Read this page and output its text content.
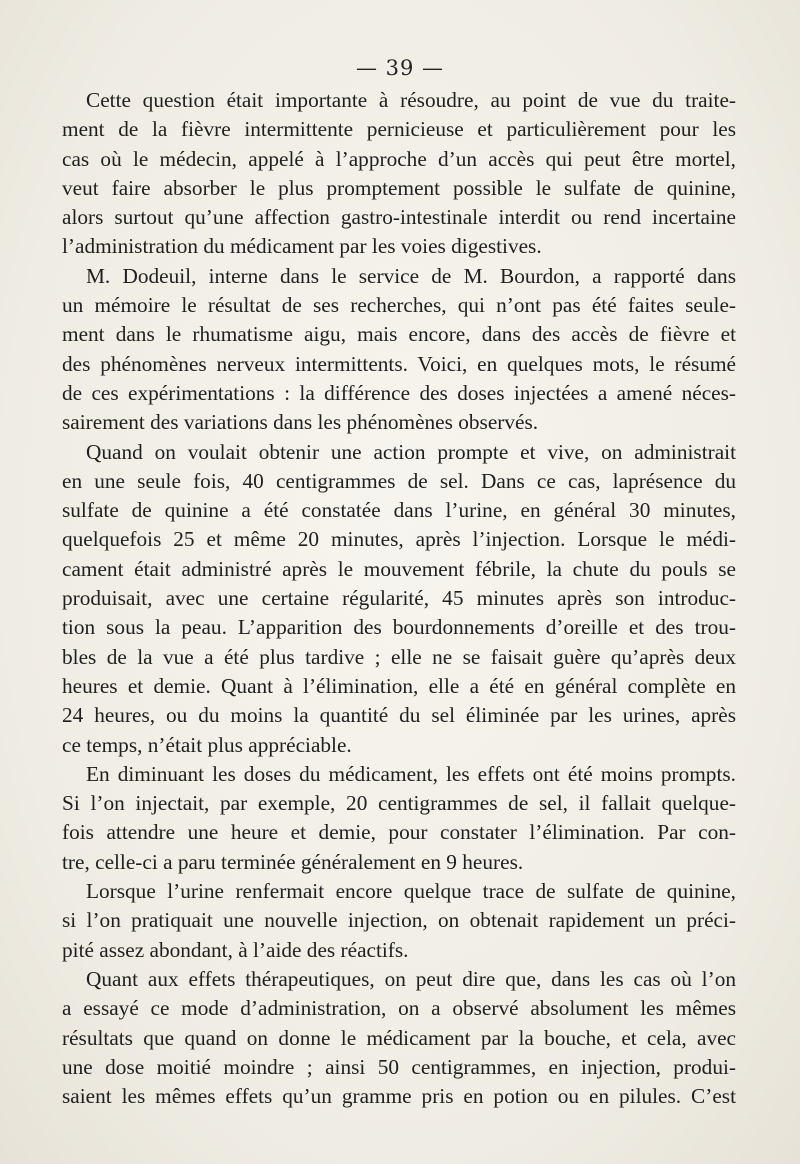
— 39 —
Cette question était importante à résoudre, au point de vue du traite-
ment de la fièvre intermittente pernicieuse et particulièrement pour les
cas où le médecin, appelé à l’approche d’un accès qui peut être mortel,
veut faire absorber le plus promptement possible le sulfate de quinine,
alors surtout qu’une affection gastro-intestinale interdit ou rend incertaine
l’administration du médicament par les voies digestives.
M. Dodeuil, interne dans le service de M. Bourdon, a rapporté dans
un mémoire le résultat de ses recherches, qui n’ont pas été faites seule-
ment dans le rhumatisme aigu, mais encore, dans des accès de fièvre et
des phénomènes nerveux intermittents. Voici, en quelques mots, le résumé
de ces expérimentations : la différence des doses injectées a amené néces-
sairement des variations dans les phénomènes observés.
Quand on voulait obtenir une action prompte et vive, on administrait
en une seule fois, 40 centigrammes de sel. Dans ce cas, laprésence du
sulfate de quinine a été constatée dans l’urine, en général 30 minutes,
quelquefois 25 et même 20 minutes, après l’injection. Lorsque le médi-
cament était administré après le mouvement fébrile, la chute du pouls se
produisait, avec une certaine régularité, 45 minutes après son introduc-
tion sous la peau. L’apparition des bourdonnements d’oreille et des trou-
bles de la vue a été plus tardive ; elle ne se faisait guère qu’après deux
heures et demie. Quant à l’élimination, elle a été en général complète en
24 heures, ou du moins la quantité du sel éliminée par les urines, après
ce temps, n’était plus appréciable.
En diminuant les doses du médicament, les effets ont été moins prompts.
Si l’on injectait, par exemple, 20 centigrammes de sel, il fallait quelque-
fois attendre une heure et demie, pour constater l’élimination. Par con-
tre, celle-ci a paru terminée généralement en 9 heures.
Lorsque l’urine renfermait encore quelque trace de sulfate de quinine,
si l’on pratiquait une nouvelle injection, on obtenait rapidement un préci-
pité assez abondant, à l’aide des réactifs.
Quant aux effets thérapeutiques, on peut dire que, dans les cas où l’on
a essayé ce mode d’administration, on a observé absolument les mêmes
résultats que quand on donne le médicament par la bouche, et cela, avec
une dose moitié moindre ; ainsi 50 centigrammes, en injection, produi-
saient les mêmes effets qu’un gramme pris en potion ou en pilules. C’est
